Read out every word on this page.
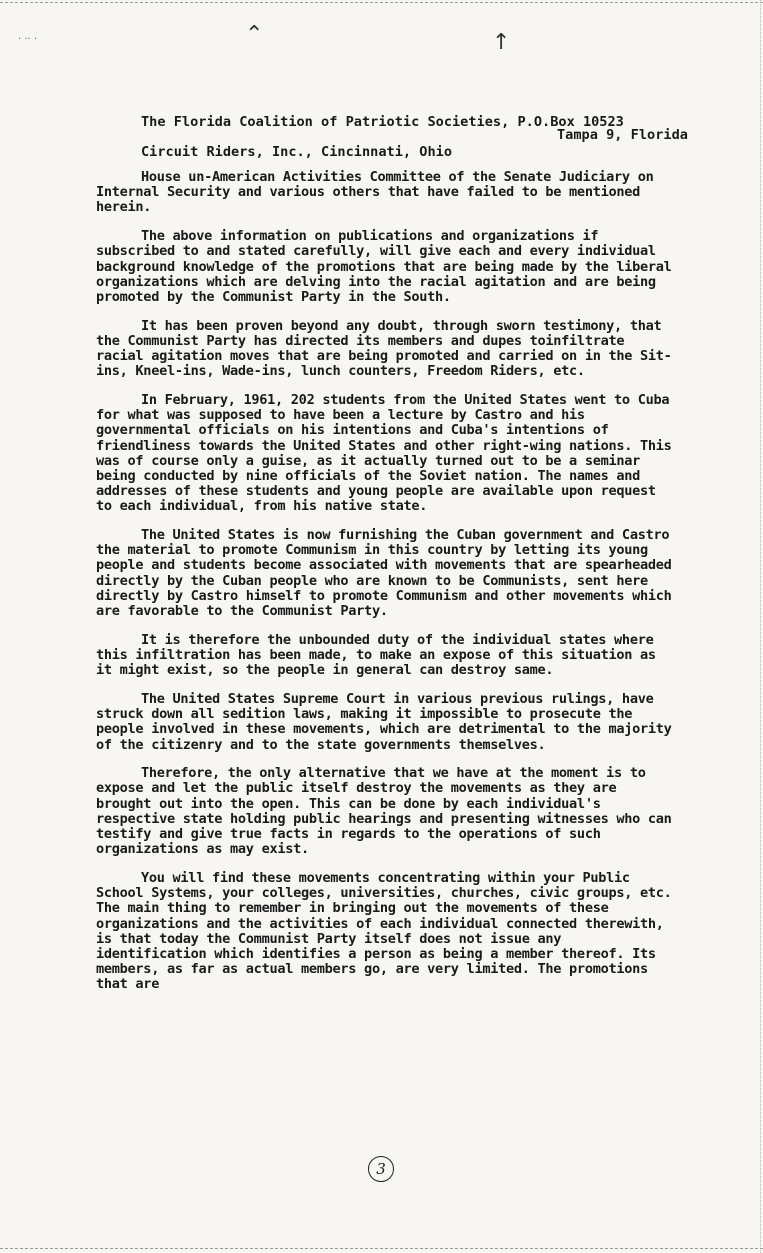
⌃	↑
· ·· ·
The Florida Coalition of Patriotic Societies, P.O.Box 10523
Tampa 9, Florida
Circuit Riders, Inc., Cincinnati, Ohio

House un-American Activities Committee of the Senate Judiciary on Internal Security and various others that have failed to be mentioned herein.

The above information on publications and organizations if subscribed to and stated carefully, will give each and every individual background knowledge of the promotions that are being made by the liberal organizations which are delving into the racial agitation and are being promoted by the Communist Party in the South.

It has been proven beyond any doubt, through sworn testimony, that the Communist Party has directed its members and dupes toinfiltrate racial agitation moves that are being promoted and carried on in the Sit-ins, Kneel-ins, Wade-ins, lunch counters, Freedom Riders, etc.

In February, 1961, 202 students from the United States went to Cuba for what was supposed to have been a lecture by Castro and his governmental officials on his intentions and Cuba's intentions of friendliness towards the United States and other right-wing nations. This was of course only a guise, as it actually turned out to be a seminar being conducted by nine officials of the Soviet nation. The names and addresses of these students and young people are available upon request to each individual, from his native state.

The United States is now furnishing the Cuban government and Castro the material to promote Communism in this country by letting its young people and students become associated with movements that are spearheaded directly by the Cuban people who are known to be Communists, sent here directly by Castro himself to promote Communism and other movements which are favorable to the Communist Party.

It is therefore the unbounded duty of the individual states where this infiltration has been made, to make an expose of this situation as it might exist, so the people in general can destroy same.

The United States Supreme Court in various previous rulings, have struck down all sedition laws, making it impossible to prosecute the people involved in these movements, which are detrimental to the majority of the citizenry and to the state governments themselves.

Therefore, the only alternative that we have at the moment is to expose and let the public itself destroy the movements as they are brought out into the open. This can be done by each individual's respective state holding public hearings and presenting witnesses who can testify and give true facts in regards to the operations of such organizations as may exist.

You will find these movements concentrating within your Public School Systems, your colleges, universities, churches, civic groups, etc. The main thing to remember in bringing out the movements of these organizations and the activities of each individual connected therewith, is that today the Communist Party itself does not issue any identification which identifies a person as being a member thereof. Its members, as far as actual members go, are very limited. The promotions that are

3
